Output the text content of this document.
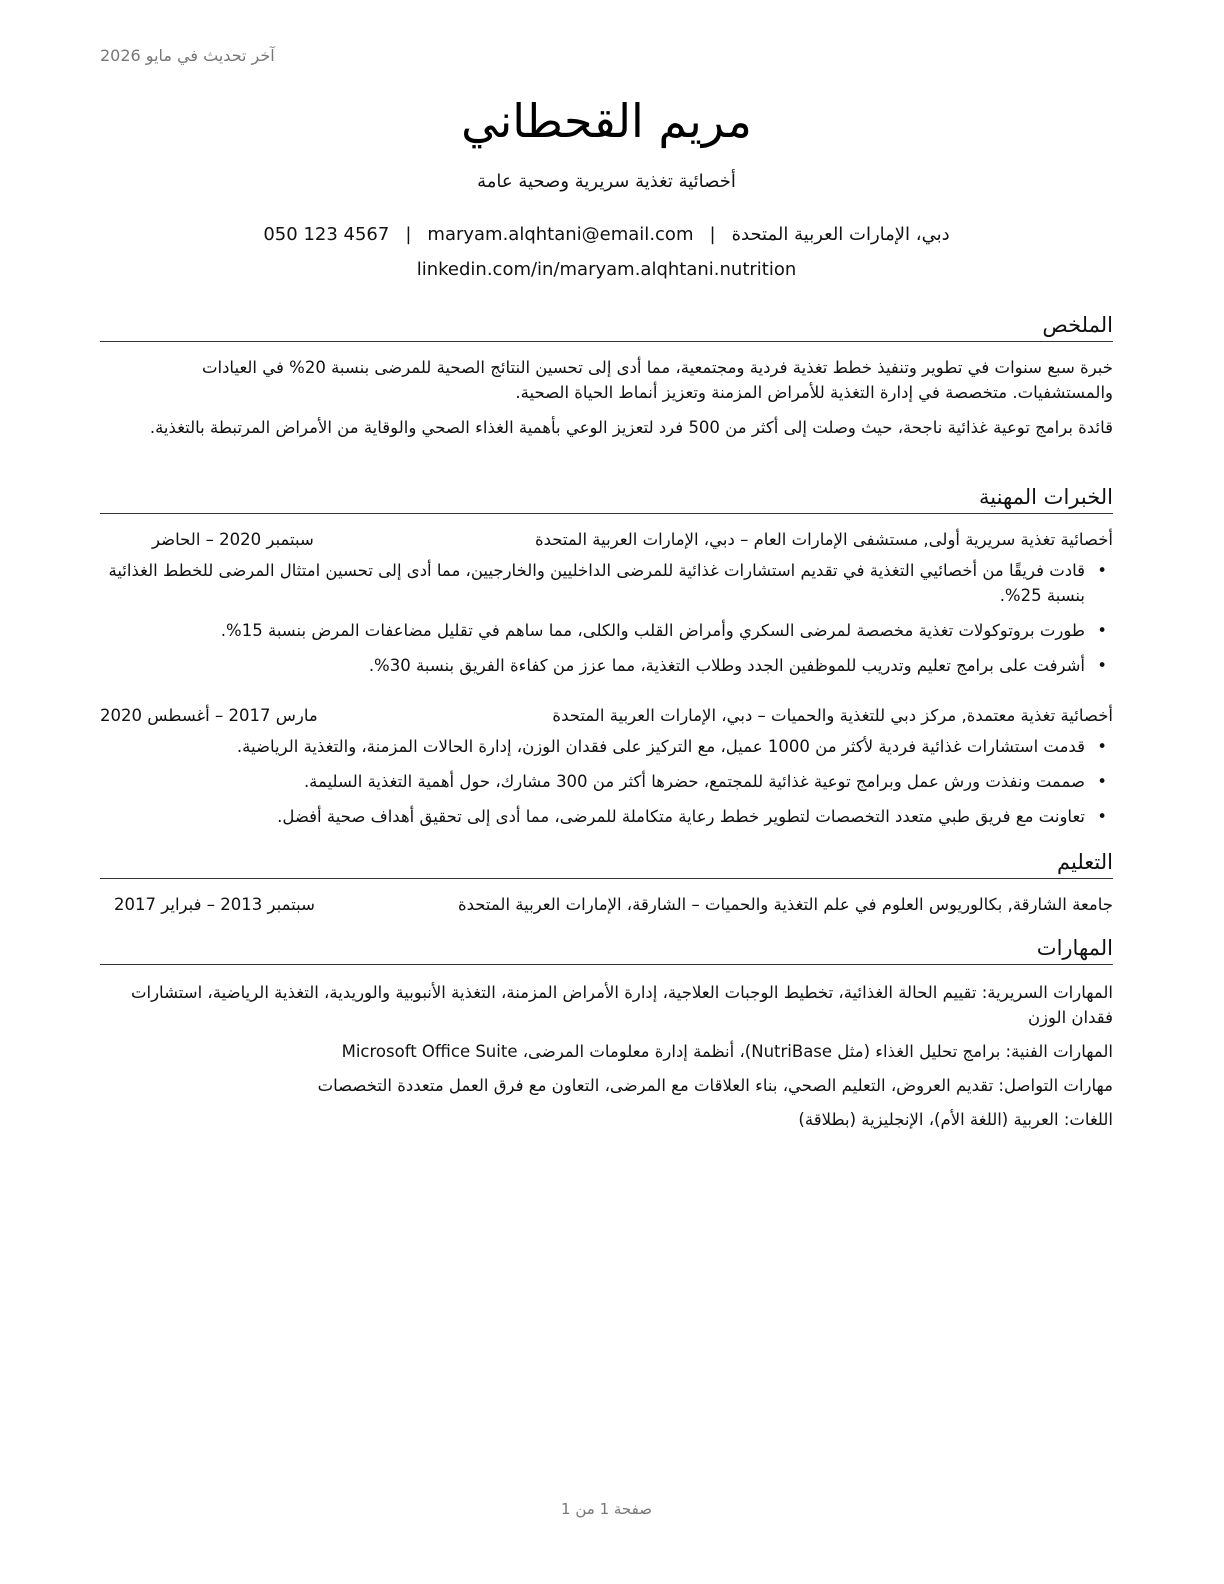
آخر تحديث في مايو 2026
مريم القحطاني
أخصائية تغذية سريرية وصحية عامة
دبي، الإمارات العربية المتحدة|maryam.alqhtani@email.com|050 123 4567
linkedin.com/in/maryam.alqhtani.nutrition
الملخص
خبرة سبع سنوات في تطوير وتنفيذ خطط تغذية فردية ومجتمعية، مما أدى إلى تحسين النتائج الصحية للمرضى بنسبة 20% في العيادات والمستشفيات. متخصصة في إدارة التغذية للأمراض المزمنة وتعزيز أنماط الحياة الصحية.
قائدة برامج توعية غذائية ناجحة، حيث وصلت إلى أكثر من 500 فرد لتعزيز الوعي بأهمية الغذاء الصحي والوقاية من الأمراض المرتبطة بالتغذية.
الخبرات المهنية
أخصائية تغذية سريرية أولى, مستشفى الإمارات العام – دبي، الإمارات العربية المتحدة
سبتمبر 2020 – الحاضر
• قادت فريقًا من أخصائيي التغذية في تقديم استشارات غذائية للمرضى الداخليين والخارجيين، مما أدى إلى تحسين امتثال المرضى للخطط الغذائية بنسبة 25%.
• طورت بروتوكولات تغذية مخصصة لمرضى السكري وأمراض القلب والكلى، مما ساهم في تقليل مضاعفات المرض بنسبة 15%.
• أشرفت على برامج تعليم وتدريب للموظفين الجدد وطلاب التغذية، مما عزز من كفاءة الفريق بنسبة 30%.
أخصائية تغذية معتمدة, مركز دبي للتغذية والحميات – دبي، الإمارات العربية المتحدة
مارس 2017 – أغسطس 2020
• قدمت استشارات غذائية فردية لأكثر من 1000 عميل، مع التركيز على فقدان الوزن، إدارة الحالات المزمنة، والتغذية الرياضية.
• صممت ونفذت ورش عمل وبرامج توعية غذائية للمجتمع، حضرها أكثر من 300 مشارك، حول أهمية التغذية السليمة.
• تعاونت مع فريق طبي متعدد التخصصات لتطوير خطط رعاية متكاملة للمرضى، مما أدى إلى تحقيق أهداف صحية أفضل.
التعليم
جامعة الشارقة, بكالوريوس العلوم في علم التغذية والحميات – الشارقة، الإمارات العربية المتحدة
سبتمبر 2013 – فبراير 2017
المهارات
المهارات السريرية: تقييم الحالة الغذائية، تخطيط الوجبات العلاجية، إدارة الأمراض المزمنة، التغذية الأنبوبية والوريدية، التغذية الرياضية، استشارات فقدان الوزن
المهارات الفنية: برامج تحليل الغذاء (مثل NutriBase)، أنظمة إدارة معلومات المرضى، Microsoft Office Suite
مهارات التواصل: تقديم العروض، التعليم الصحي، بناء العلاقات مع المرضى، التعاون مع فرق العمل متعددة التخصصات
اللغات: العربية (اللغة الأم)، الإنجليزية (بطلاقة)
صفحة 1 من 1
